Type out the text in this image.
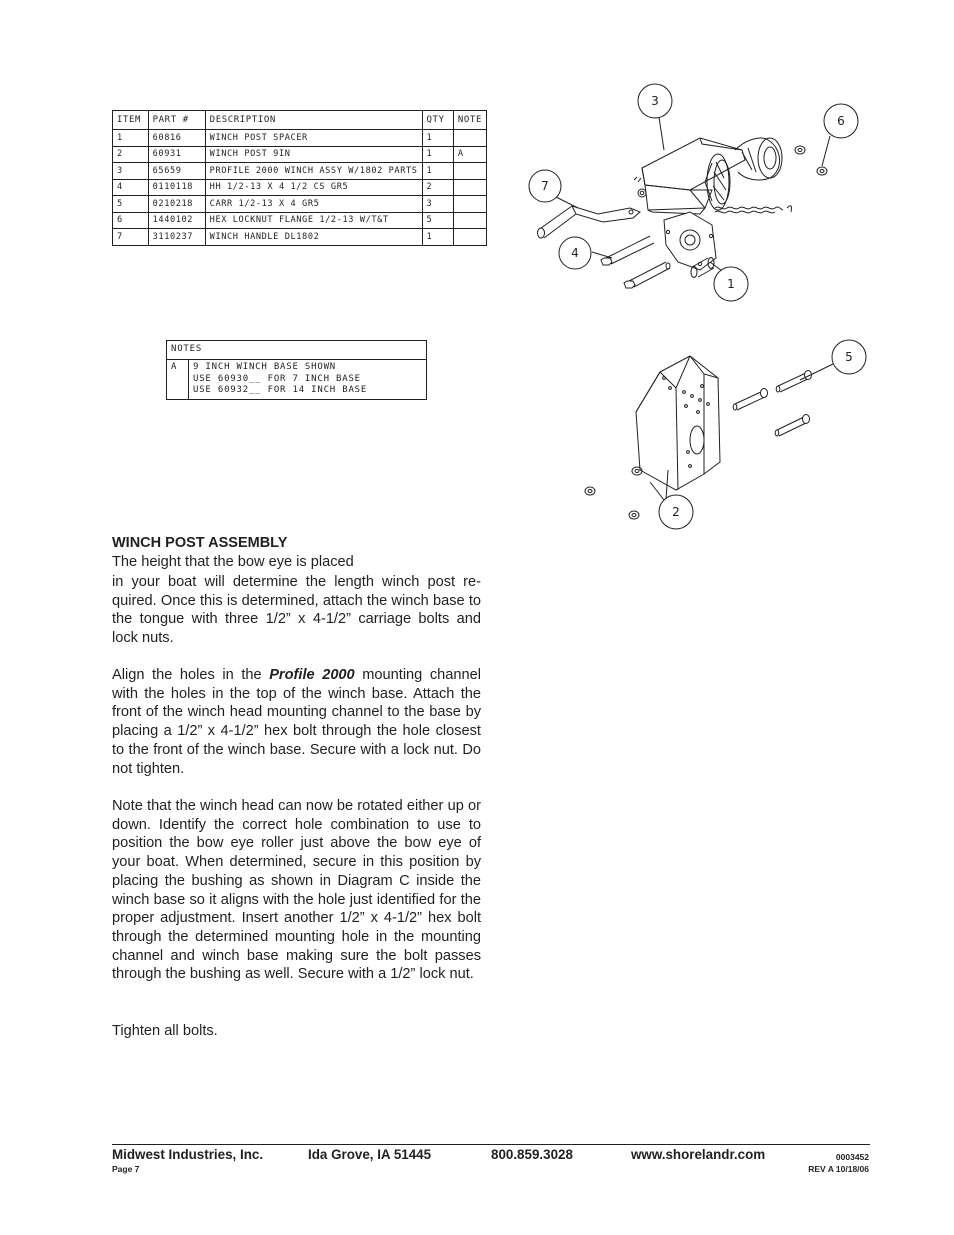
ITEM	PART #	DESCRIPTION	QTY	NOTE
1	60816	WINCH POST SPACER	1	
2	60931	WINCH POST 9IN	1	A
3	65659	PROFILE 2000 WINCH ASSY W/1802 PARTS	1	
4	0110118	HH 1/2-13 X 4 1/2 CS GR5	2	
5	0210218	CARR 1/2-13 X 4 GR5	3	
6	1440102	HEX LOCKNUT FLANGE 1/2-13 W/T&T	5	
7	3110237	WINCH HANDLE DL1802	1	
NOTES
A	9 INCH WINCH BASE SHOWN
USE 60930__ FOR 7 INCH BASE
USE 60932__ FOR 14 INCH BASE
3
6
7
4
1
5
2
WINCH POST ASSEMBLY
The height that the bow eye is placed

in your boat will determine the length winch post re-quired. Once this is determined, attach the winch base to the tongue with three 1/2” x 4-1/2” carriage bolts and lock nuts.

Align the holes in the Profile 2000 mounting channel with the holes in the top of the winch base. Attach the front of the winch head mounting channel to the base by placing a 1/2” x 4-1/2” hex bolt through the hole closest to the front of the winch base. Secure with a lock nut. Do not tighten.

Note that the winch head can now be rotated either up or down. Identify the correct hole combination to use to position the bow eye roller just above the bow eye of your boat. When determined, secure in this position by placing the bushing as shown in Diagram C inside the winch base so it aligns with the hole just identified for the proper adjustment. Insert another 1/2” x 4-1/2” hex bolt through the determined mounting hole in the mounting channel and winch base making sure the bolt passes through the bushing as well. Secure with a 1/2” lock nut.

Tighten all bolts.

Midwest Industries, Inc.	Ida Grove, IA 51445	800.859.3028	www.shorelandr.com
Page 7
0003452
REV A 10/18/06
